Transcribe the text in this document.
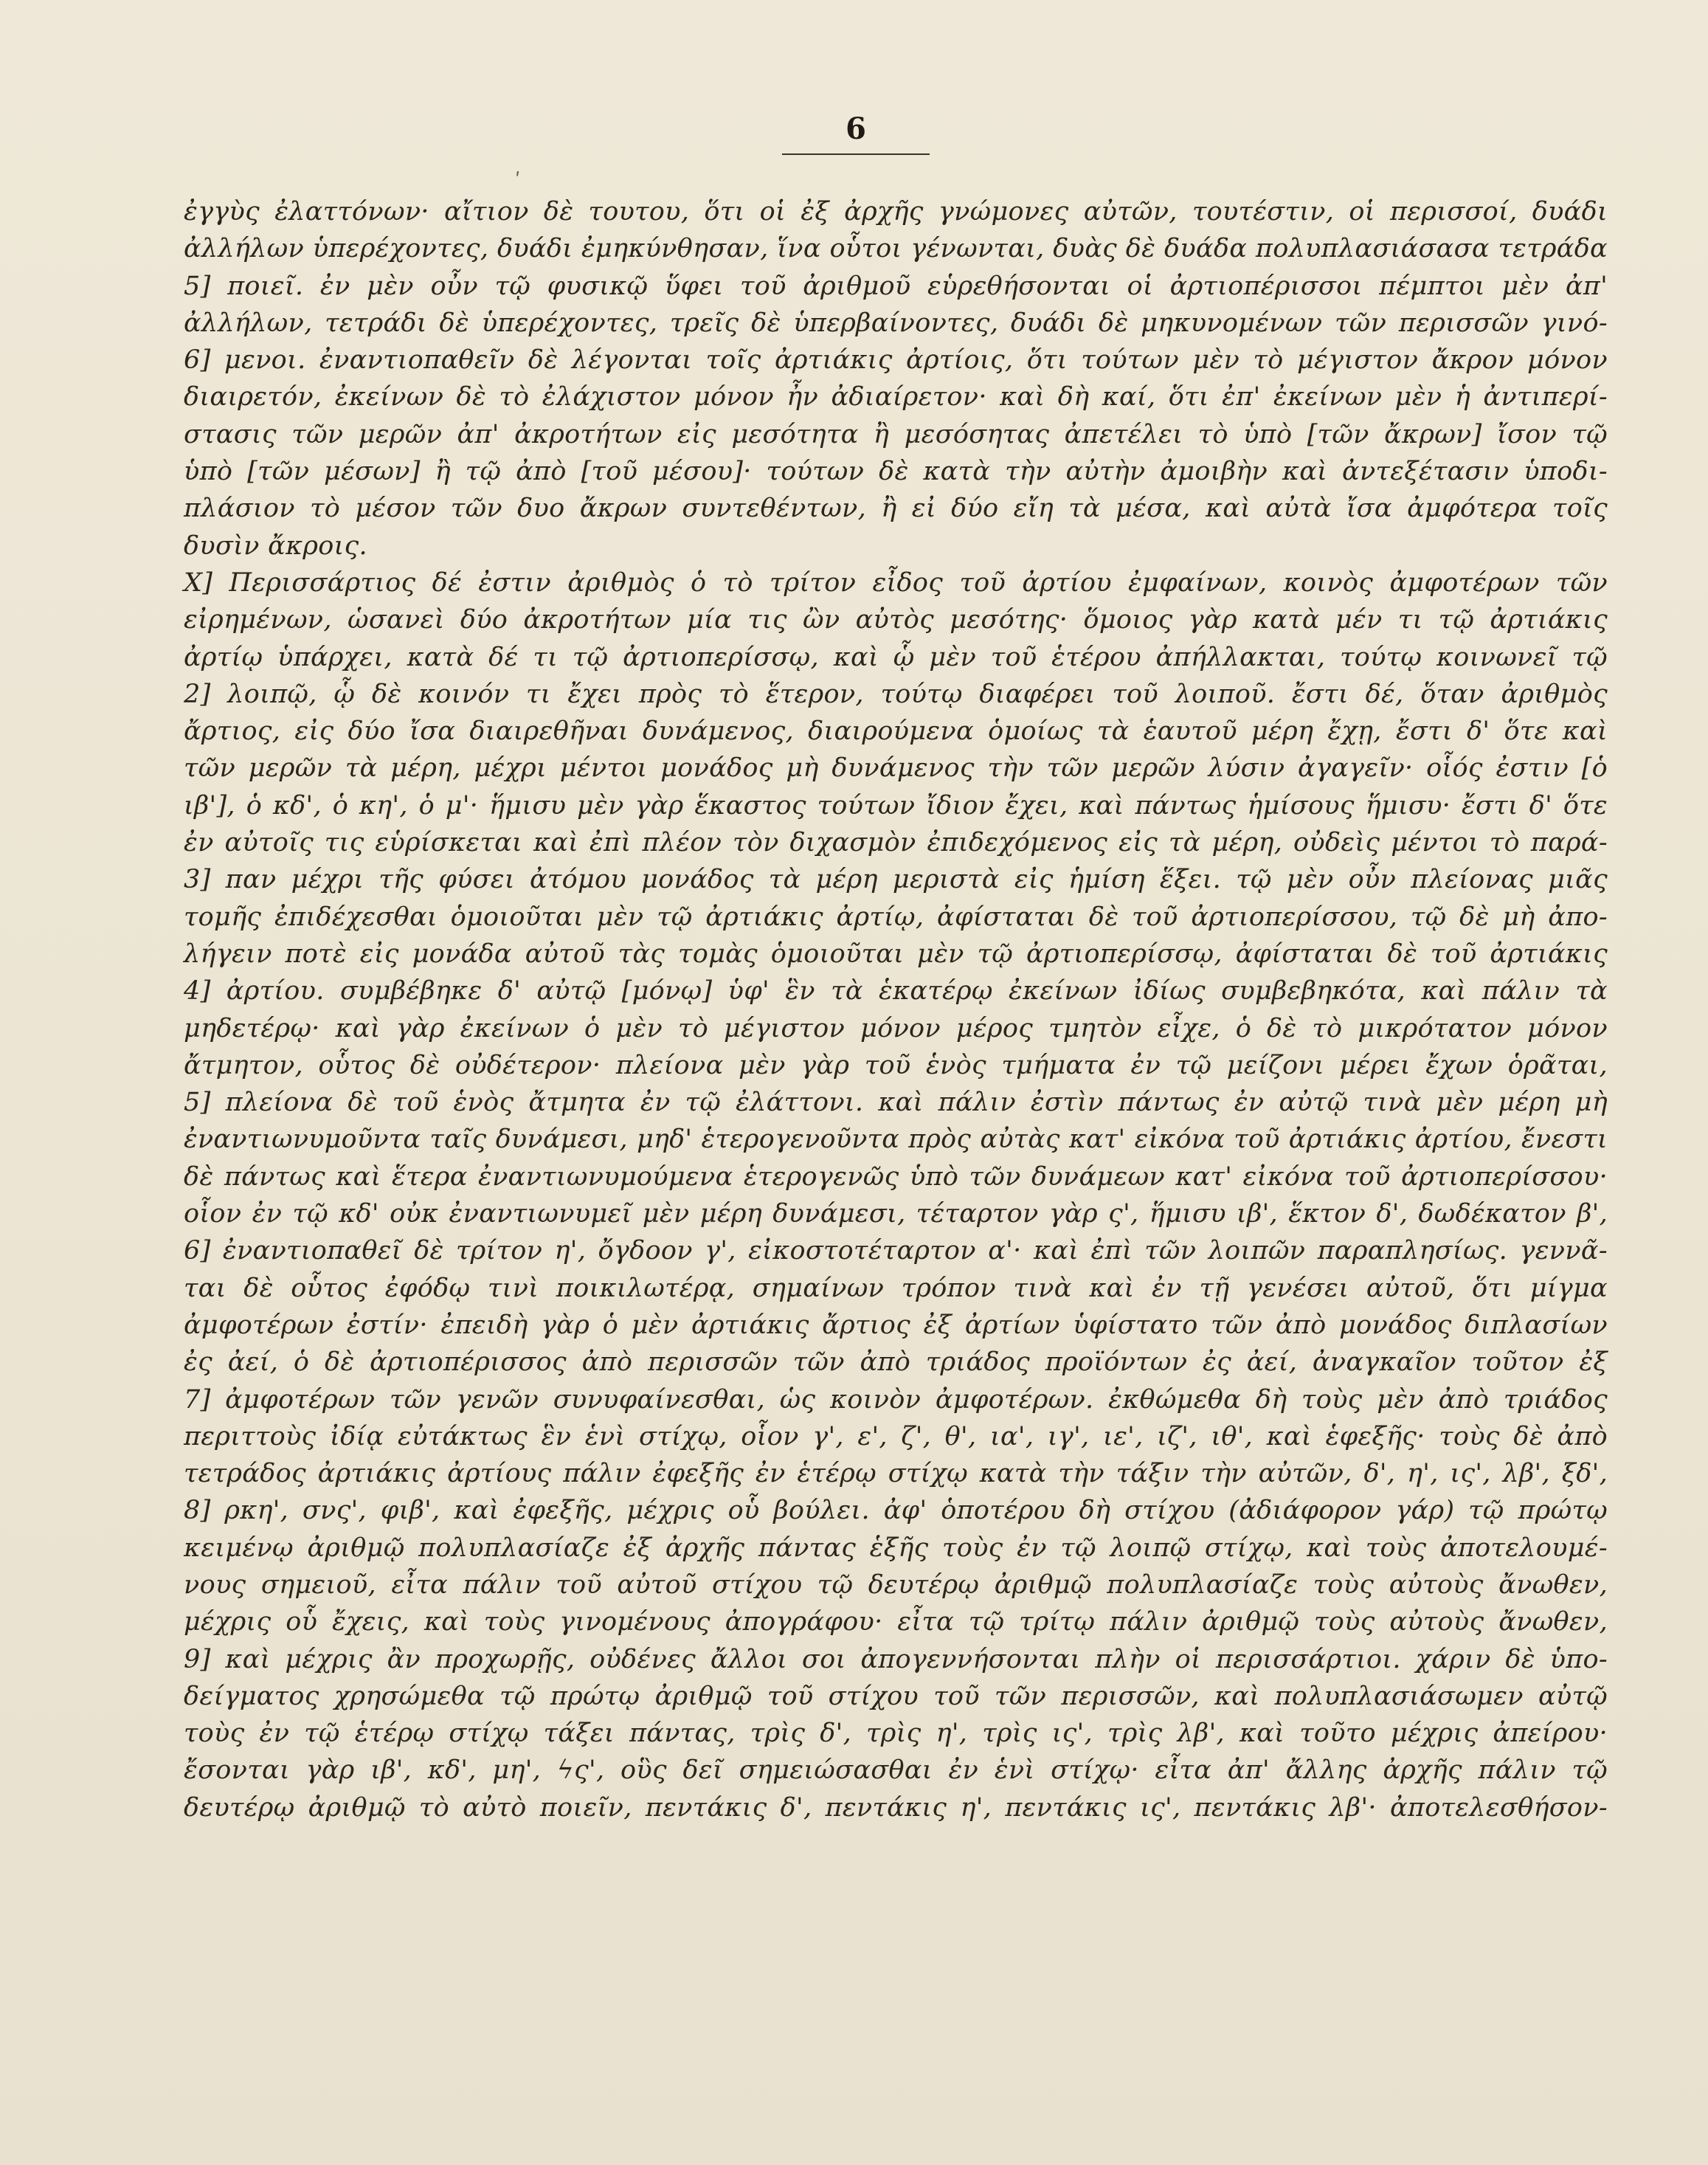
6
ʹ
ἐγγὺς ἐλαττόνων· αἴτιον δὲ τουτου, ὅτι οἱ ἐξ ἀρχῆς γνώμονες αὐτῶν, τουτέστιν, οἱ περισσοί, δυάδι
ἀλλήλων ὑπερέχοντες, δυάδι ἐμηκύνθησαν, ἵνα οὗτοι γένωνται, δυὰς δὲ δυάδα πολυπλασιάσασα τετράδα
5] ποιεῖ. ἐν μὲν οὖν τῷ φυσικῷ ὕφει τοῦ ἀριθμοῦ εὑρεθήσονται οἱ ἀρτιοπέρισσοι πέμπτοι μὲν ἀπ'
ἀλλήλων, τετράδι δὲ ὑπερέχοντες, τρεῖς δὲ ὑπερβαίνοντες, δυάδι δὲ μηκυνομένων τῶν περισσῶν γινό-
6] μενοι. ἐναντιοπαθεῖν δὲ λέγονται τοῖς ἀρτιάκις ἀρτίοις, ὅτι τούτων μὲν τὸ μέγιστον ἄκρον μόνον
διαιρετόν, ἐκείνων δὲ τὸ ἐλάχιστον μόνον ἦν ἀδιαίρετον· καὶ δὴ καί, ὅτι ἐπ' ἐκείνων μὲν ἡ ἀντιπερί-
στασις τῶν μερῶν ἀπ' ἀκροτήτων εἰς μεσότητα ἢ μεσόσητας ἀπετέλει τὸ ὑπὸ [τῶν ἄκρων] ἴσον τῷ
ὑπὸ [τῶν μέσων] ἢ τῷ ἀπὸ [τοῦ μέσου]· τούτων δὲ κατὰ τὴν αὐτὴν ἀμοιβὴν καὶ ἀντεξέτασιν ὑποδι-
πλάσιον τὸ μέσον τῶν δυο ἄκρων συντεθέντων, ἢ εἰ δύο εἴη τὰ μέσα, καὶ αὐτὰ ἴσα ἀμφότερα τοῖς
δυσὶν ἄκροις.
X] Περισσάρτιος δέ ἐστιν ἀριθμὸς ὁ τὸ τρίτον εἶδος τοῦ ἀρτίου ἐμφαίνων, κοινὸς ἀμφοτέρων τῶν
εἰρημένων, ὡσανεὶ δύο ἀκροτήτων μία τις ὢν αὐτὸς μεσότης· ὅμοιος γὰρ κατὰ μέν τι τῷ ἀρτιάκις
ἀρτίῳ ὑπάρχει, κατὰ δέ τι τῷ ἀρτιοπερίσσῳ, καὶ ᾧ μὲν τοῦ ἑτέρου ἀπήλλακται, τούτῳ κοινωνεῖ τῷ
2] λοιπῷ, ᾧ δὲ κοινόν τι ἔχει πρὸς τὸ ἕτερον, τούτῳ διαφέρει τοῦ λοιποῦ. ἔστι δέ, ὅταν ἀριθμὸς
ἄρτιος, εἰς δύο ἴσα διαιρεθῆναι δυνάμενος, διαιρούμενα ὁμοίως τὰ ἑαυτοῦ μέρη ἔχῃ, ἔστι δ' ὅτε καὶ
τῶν μερῶν τὰ μέρη, μέχρι μέντοι μονάδος μὴ δυνάμενος τὴν τῶν μερῶν λύσιν ἀγαγεῖν· οἷός ἐστιν [ὁ
ιβ'], ὁ κδ', ὁ κη', ὁ μ'· ἥμισυ μὲν γὰρ ἕκαστος τούτων ἴδιον ἔχει, καὶ πάντως ἡμίσους ἥμισυ· ἔστι δ' ὅτε
ἐν αὐτοῖς τις εὑρίσκεται καὶ ἐπὶ πλέον τὸν διχασμὸν ἐπιδεχόμενος εἰς τὰ μέρη, οὐδεὶς μέντοι τὸ παρά-
3] παν μέχρι τῆς φύσει ἀτόμου μονάδος τὰ μέρη μεριστὰ εἰς ἡμίση ἕξει. τῷ μὲν οὖν πλείονας μιᾶς
τομῆς ἐπιδέχεσθαι ὁμοιοῦται μὲν τῷ ἀρτιάκις ἀρτίῳ, ἀφίσταται δὲ τοῦ ἀρτιοπερίσσου, τῷ δὲ μὴ ἀπο-
λήγειν ποτὲ εἰς μονάδα αὐτοῦ τὰς τομὰς ὁμοιοῦται μὲν τῷ ἀρτιοπερίσσῳ, ἀφίσταται δὲ τοῦ ἀρτιάκις
4] ἀρτίου. συμβέβηκε δ' αὐτῷ [μόνῳ] ὑφ' ἓν τὰ ἑκατέρῳ ἐκείνων ἰδίως συμβεβηκότα, καὶ πάλιν τὰ
μηδετέρῳ· καὶ γὰρ ἐκείνων ὁ μὲν τὸ μέγιστον μόνον μέρος τμητὸν εἶχε, ὁ δὲ τὸ μικρότατον μόνον
ἄτμητον, οὗτος δὲ οὐδέτερον· πλείονα μὲν γὰρ τοῦ ἑνὸς τμήματα ἐν τῷ μείζονι μέρει ἔχων ὁρᾶται,
5] πλείονα δὲ τοῦ ἑνὸς ἄτμητα ἐν τῷ ἐλάττονι. καὶ πάλιν ἐστὶν πάντως ἐν αὐτῷ τινὰ μὲν μέρη μὴ
ἐναντιωνυμοῦντα ταῖς δυνάμεσι, μηδ' ἑτερογενοῦντα πρὸς αὐτὰς κατ' εἰκόνα τοῦ ἀρτιάκις ἀρτίου, ἔνεστι
δὲ πάντως καὶ ἕτερα ἐναντιωνυμούμενα ἑτερογενῶς ὑπὸ τῶν δυνάμεων κατ' εἰκόνα τοῦ ἀρτιοπερίσσου·
οἷον ἐν τῷ κδ' οὐκ ἐναντιωνυμεῖ μὲν μέρη δυνάμεσι, τέταρτον γὰρ ς', ἥμισυ ιβ', ἕκτον δ', δωδέκατον β',
6] ἐναντιοπαθεῖ δὲ τρίτον η', ὄγδοον γ', εἰκοστοτέταρτον α'· καὶ ἐπὶ τῶν λοιπῶν παραπλησίως. γεννᾶ-
ται δὲ οὗτος ἐφόδῳ τινὶ ποικιλωτέρᾳ, σημαίνων τρόπον τινὰ καὶ ἐν τῇ γενέσει αὐτοῦ, ὅτι μίγμα
ἀμφοτέρων ἐστίν· ἐπειδὴ γὰρ ὁ μὲν ἀρτιάκις ἄρτιος ἐξ ἀρτίων ὑφίστατο τῶν ἀπὸ μονάδος διπλασίων
ἐς ἀεί, ὁ δὲ ἀρτιοπέρισσος ἀπὸ περισσῶν τῶν ἀπὸ τριάδος προϊόντων ἐς ἀεί, ἀναγκαῖον τοῦτον ἐξ
7] ἀμφοτέρων τῶν γενῶν συνυφαίνεσθαι, ὡς κοινὸν ἀμφοτέρων. ἐκθώμεθα δὴ τοὺς μὲν ἀπὸ τριάδος
περιττοὺς ἰδίᾳ εὐτάκτως ἓν ἑνὶ στίχῳ, οἷον γ', ε', ζ', θ', ια', ιγ', ιε', ιζ', ιθ', καὶ ἑφεξῆς· τοὺς δὲ ἀπὸ
τετράδος ἀρτιάκις ἀρτίους πάλιν ἐφεξῆς ἐν ἑτέρῳ στίχῳ κατὰ τὴν τάξιν τὴν αὐτῶν, δ', η', ις', λβ', ξδ',
8] ρκη', σνς', φιβ', καὶ ἐφεξῆς, μέχρις οὗ βούλει. ἀφ' ὁποτέρου δὴ στίχου (ἀδιάφορον γάρ) τῷ πρώτῳ
κειμένῳ ἀριθμῷ πολυπλασίαζε ἐξ ἀρχῆς πάντας ἑξῆς τοὺς ἐν τῷ λοιπῷ στίχῳ, καὶ τοὺς ἀποτελουμέ-
νους σημειοῦ, εἶτα πάλιν τοῦ αὐτοῦ στίχου τῷ δευτέρῳ ἀριθμῷ πολυπλασίαζε τοὺς αὐτοὺς ἄνωθεν,
μέχρις οὗ ἔχεις, καὶ τοὺς γινομένους ἀπογράφου· εἶτα τῷ τρίτῳ πάλιν ἀριθμῷ τοὺς αὐτοὺς ἄνωθεν,
9] καὶ μέχρις ἂν προχωρῇς, οὐδένες ἄλλοι σοι ἀπογεννήσονται πλὴν οἱ περισσάρτιοι. χάριν δὲ ὑπο-
δείγματος χρησώμεθα τῷ πρώτῳ ἀριθμῷ τοῦ στίχου τοῦ τῶν περισσῶν, καὶ πολυπλασιάσωμεν αὐτῷ
τοὺς ἐν τῷ ἑτέρῳ στίχῳ τάξει πάντας, τρὶς δ', τρὶς η', τρὶς ις', τρὶς λβ', καὶ τοῦτο μέχρις ἀπείρου·
ἔσονται γὰρ ιβ', κδ', μη', ϟς', οὓς δεῖ σημειώσασθαι ἐν ἑνὶ στίχῳ· εἶτα ἀπ' ἄλλης ἀρχῆς πάλιν τῷ
δευτέρῳ ἀριθμῷ τὸ αὐτὸ ποιεῖν, πεντάκις δ', πεντάκις η', πεντάκις ις', πεντάκις λβ'· ἀποτελεσθήσον-
